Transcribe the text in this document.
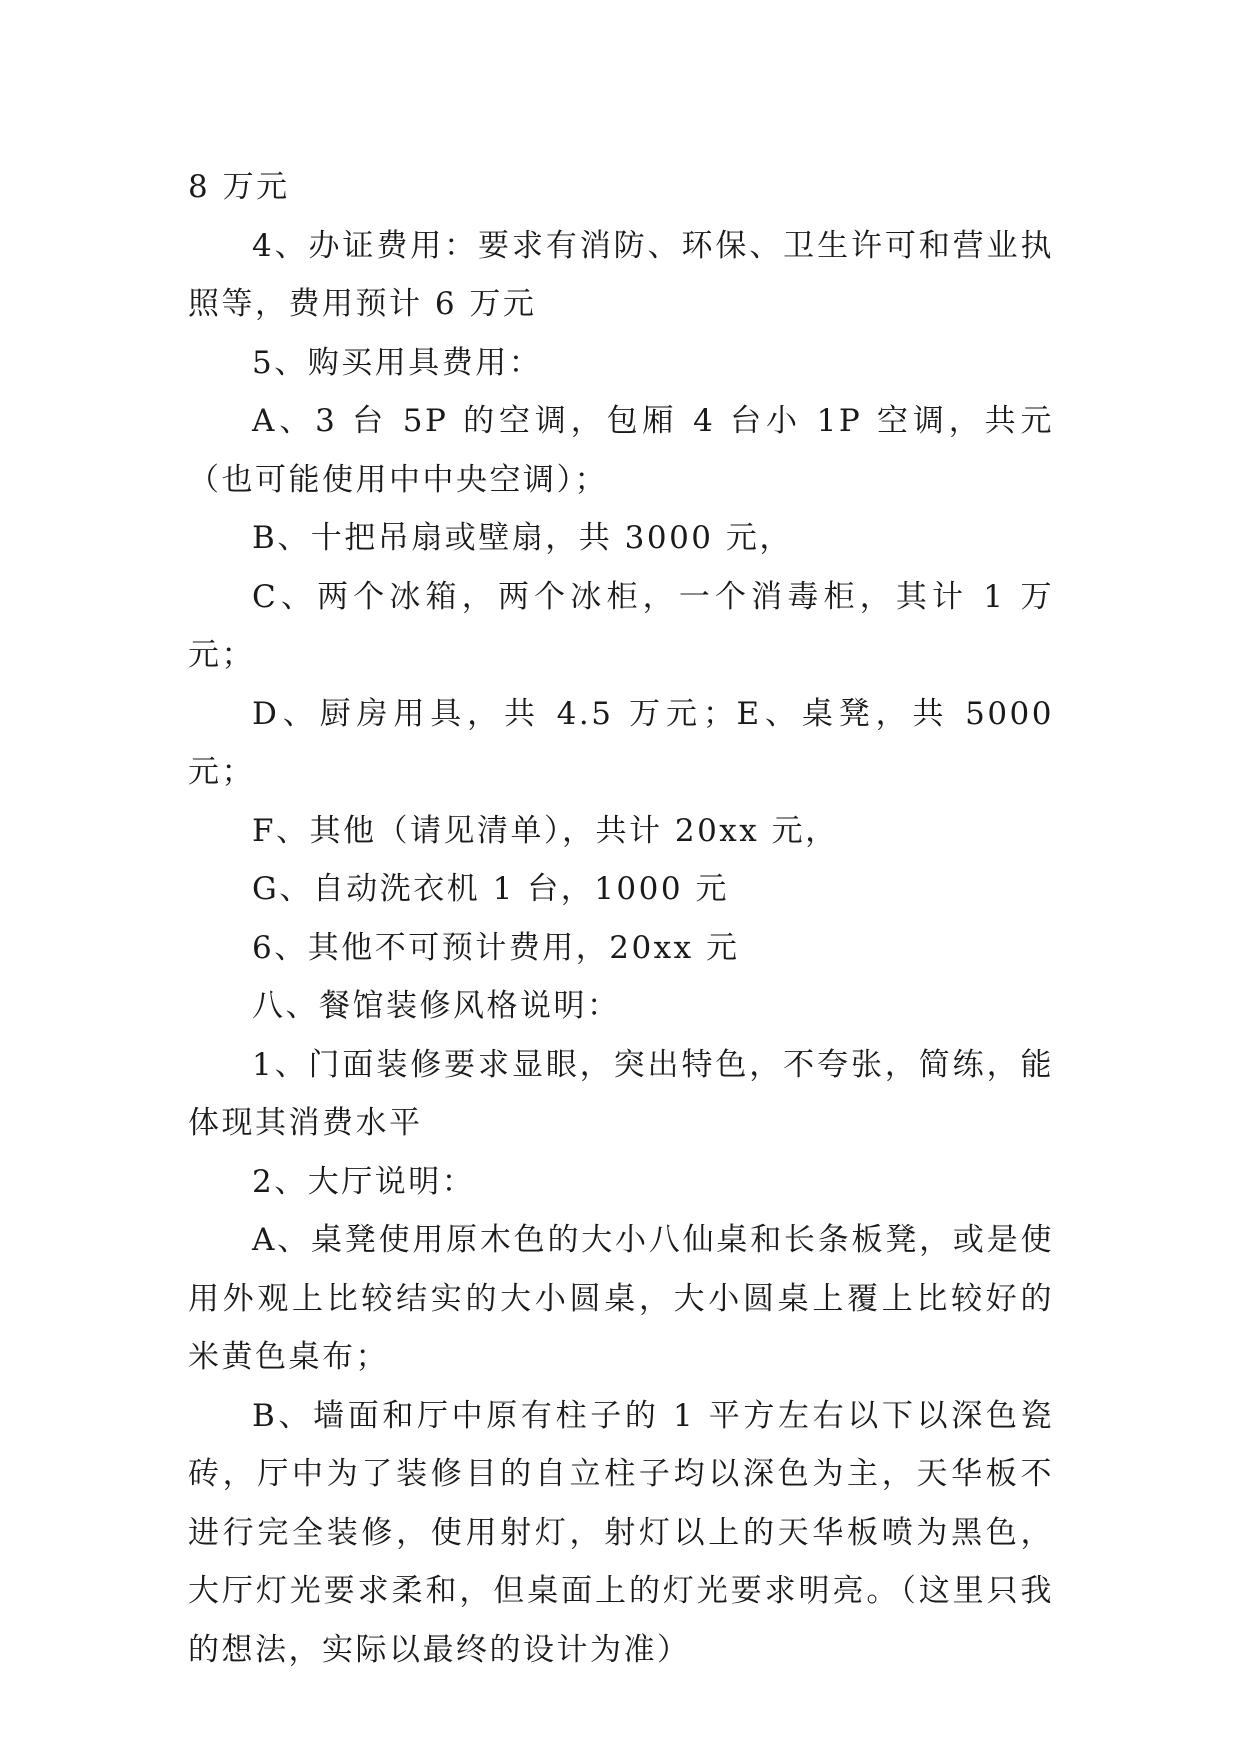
8 万元

4、办证费用：要求有消防、环保、卫生许可和营业执照等，费用预计 6 万元

5、购买用具费用：

A、3 台 5P 的空调，包厢 4 台小 1P 空调，共元（也可能使用中中央空调）；

B、十把吊扇或壁扇，共 3000 元，

C、两个冰箱，两个冰柜，一个消毒柜，其计 1 万元；

D、厨房用具，共 4.5 万元；E、桌凳，共 5000 元；

F、其他（请见清单），共计 20xx 元，

G、自动洗衣机 1 台，1000 元

6、其他不可预计费用，20xx 元

八、餐馆装修风格说明：

1、门面装修要求显眼，突出特色，不夸张，简练，能体现其消费水平

2、大厅说明：

A、桌凳使用原木色的大小八仙桌和长条板凳，或是使用外观上比较结实的大小圆桌，大小圆桌上覆上比较好的米黄色桌布；

B、墙面和厅中原有柱子的 1 平方左右以下以深色瓷砖，厅中为了装修目的自立柱子均以深色为主，天华板不进行完全装修，使用射灯，射灯以上的天华板喷为黑色，大厅灯光要求柔和，但桌面上的灯光要求明亮。（这里只我的想法，实际以最终的设计为准）
